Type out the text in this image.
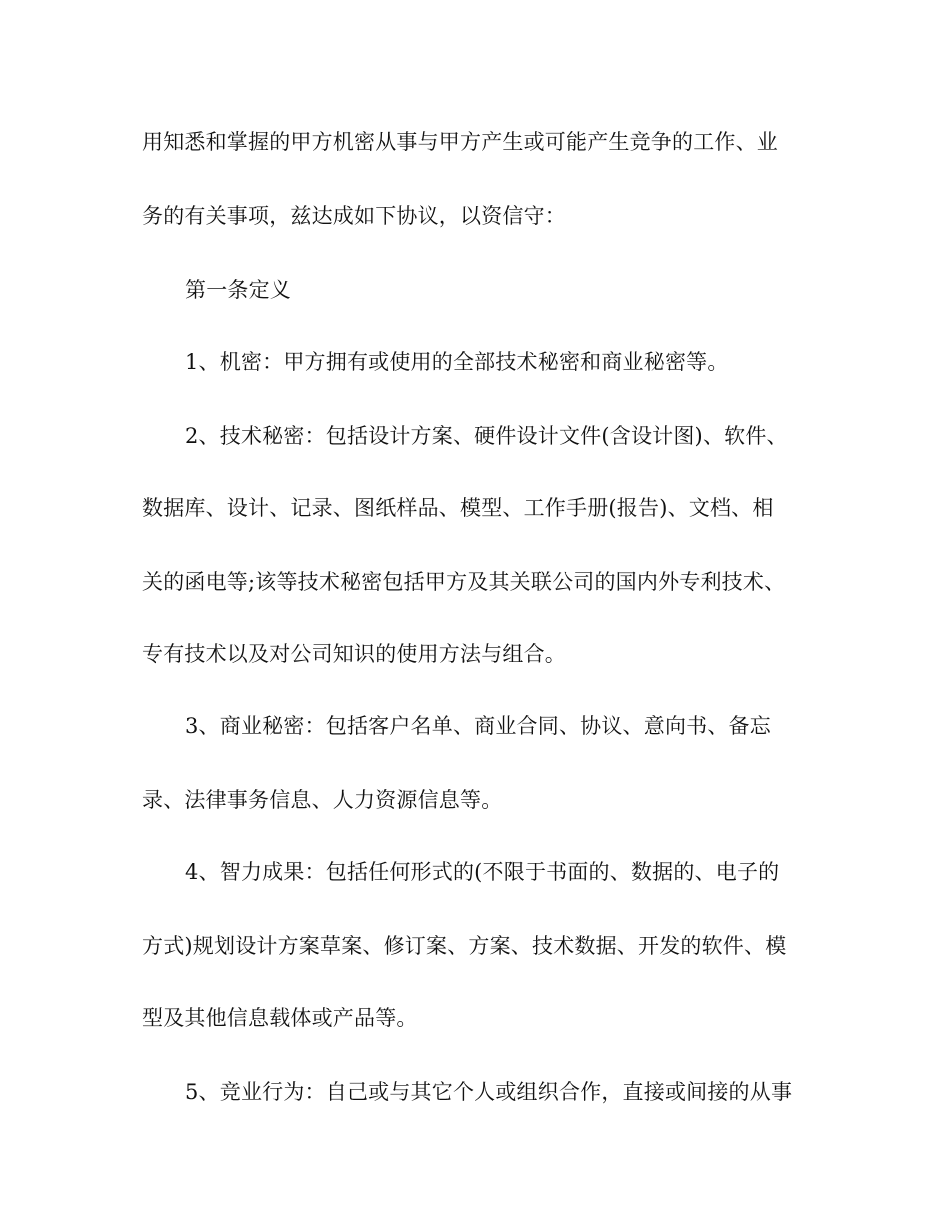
用知悉和掌握的甲方机密从事与甲方产生或可能产生竞争的工作、业
务的有关事项，兹达成如下协议，以资信守：
第一条定义
1、机密：甲方拥有或使用的全部技术秘密和商业秘密等。
2、技术秘密：包括设计方案、硬件设计文件(含设计图)、软件、
数据库、设计、记录、图纸样品、模型、工作手册(报告)、文档、相
关的函电等;该等技术秘密包括甲方及其关联公司的国内外专利技术、
专有技术以及对公司知识的使用方法与组合。
3、商业秘密：包括客户名单、商业合同、协议、意向书、备忘
录、法律事务信息、人力资源信息等。
4、智力成果：包括任何形式的(不限于书面的、数据的、电子的
方式)规划设计方案草案、修订案、方案、技术数据、开发的软件、模
型及其他信息载体或产品等。
5、竞业行为：自己或与其它个人或组织合作，直接或间接的从事
